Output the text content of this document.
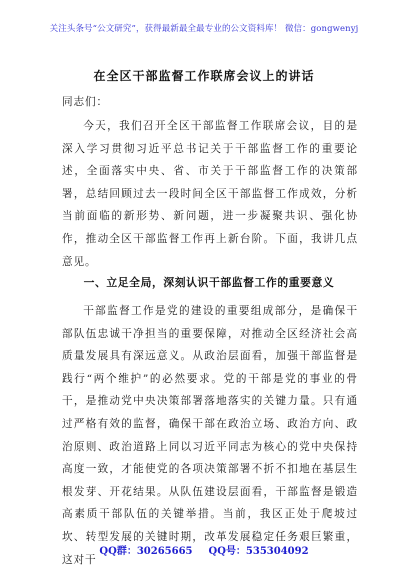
关注头条号“公文研究”，获得最新最全最专业的公文资料库！ 微信：gongwenyj
在全区干部监督工作联席会议上的讲话
同志们：
今天，我们召开全区干部监督工作联席会议，目的是深入学习贯彻习近平总书记关于干部监督工作的重要论述，全面落实中央、省、市关于干部监督工作的决策部署，总结回顾过去一段时间全区干部监督工作成效，分析当前面临的新形势、新问题，进一步凝聚共识、强化协作，推动全区干部监督工作再上新台阶。下面，我讲几点意见。
一、立足全局，深刻认识干部监督工作的重要意义
干部监督工作是党的建设的重要组成部分，是确保干部队伍忠诚干净担当的重要保障，对推动全区经济社会高质量发展具有深远意义。从政治层面看，加强干部监督是践行“两个维护”的必然要求。党的干部是党的事业的骨干，是推动党中央决策部署落地落实的关键力量。只有通过严格有效的监督，确保干部在政治立场、政治方向、政治原则、政治道路上同以习近平同志为核心的党中央保持高度一致，才能使党的各项决策部署不折不扣地在基层生根发芽、开花结果。从队伍建设层面看，干部监督是锻造高素质干部队伍的关键举措。当前，我区正处于爬坡过坎、转型发展的关键时期，改革发展稳定任务艰巨繁重，这对干
QQ群：30265665 QQ号：535304092
